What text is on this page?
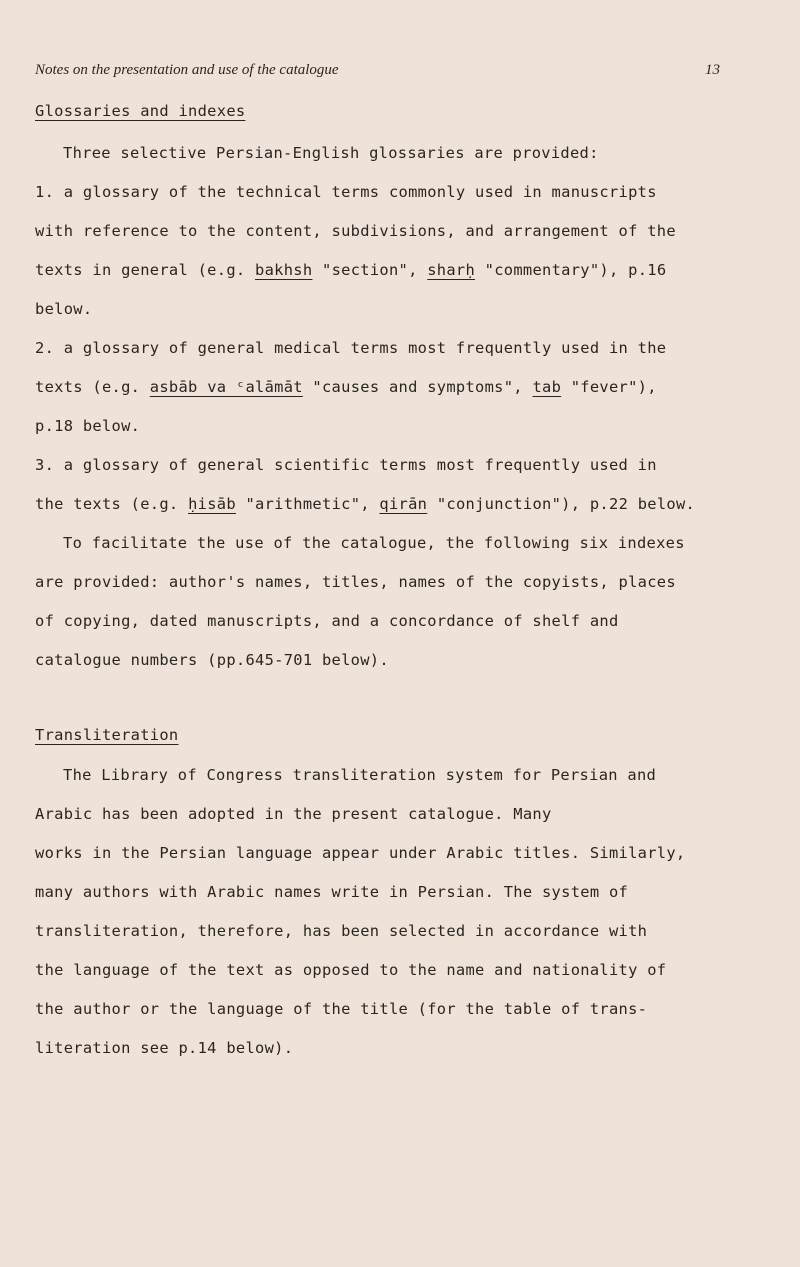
Notes on the presentation and use of the catalogue	13
Glossaries and indexes
Three selective Persian-English glossaries are provided:
1. a glossary of the technical terms commonly used in manuscripts
with reference to the content, subdivisions, and arrangement of the
texts in general (e.g. bakhsh "section", sharḥ "commentary"), p.16
below.
2. a glossary of general medical terms most frequently used in the
texts (e.g. asbāb va ᶜalāmāt "causes and symptoms", tab "fever"),
p.18 below.
3. a glossary of general scientific terms most frequently used in
the texts (e.g. ḥisāb "arithmetic", qirān "conjunction"), p.22 below.
To facilitate the use of the catalogue, the following six indexes
are provided: author's names, titles, names of the copyists, places
of copying, dated manuscripts, and a concordance of shelf and
catalogue numbers (pp.645-701 below).
Transliteration
The Library of Congress transliteration system for Persian and
Arabic has been adopted in the present catalogue. Many
works in the Persian language appear under Arabic titles. Similarly,
many authors with Arabic names write in Persian. The system of
transliteration, therefore, has been selected in accordance with
the language of the text as opposed to the name and nationality of
the author or the language of the title (for the table of trans-
literation see p.14 below).
